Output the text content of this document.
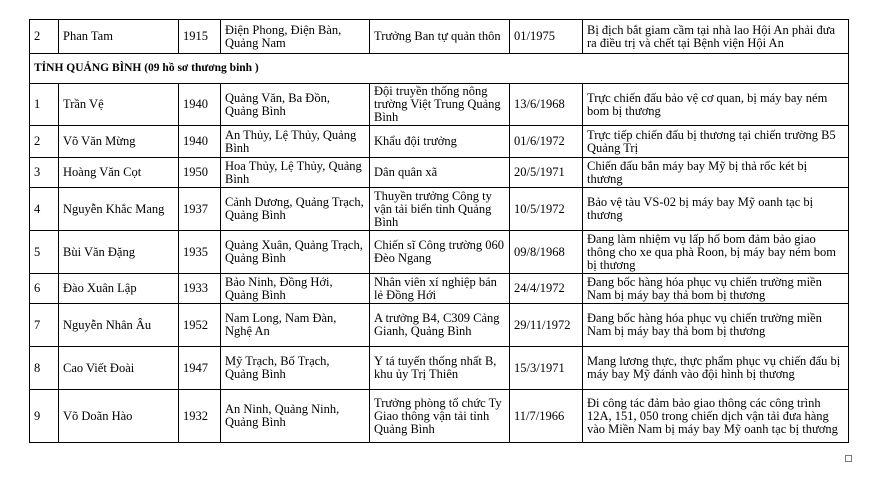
2	Phan Tam	1915	Điện Phong, Điện Bàn, Quảng Nam	Trưởng Ban tự quản thôn	01/1975	Bị địch bắt giam cầm tại nhà lao Hội An phải đưa ra điều trị và chết tại Bệnh viện Hội An
TỈNH QUẢNG BÌNH (09 hồ sơ thương binh )						
1	Trần Vệ	1940	Quảng Văn, Ba Đồn, Quảng Bình	Đội truyền thống nông trường Việt Trung Quảng Bình	13/6/1968	Trực chiến đấu bảo vệ cơ quan, bị máy bay ném bom bị thương
2	Võ Văn Mừng	1940	An Thủy, Lệ Thủy, Quảng Bình	Khẩu đội trưởng	01/6/1972	Trực tiếp chiến đấu bị thương tại chiến trường B5 Quảng Trị
3	Hoàng Văn Cọt	1950	Hoa Thủy, Lệ Thủy, Quảng Bình	Dân quân xã	20/5/1971	Chiến đấu bắn máy bay Mỹ bị thả rốc két bị thương
4	Nguyễn Khắc Mang	1937	Cảnh Dương, Quảng Trạch, Quảng Bình	Thuyền trưởng Công ty vận tải biển tỉnh Quảng Bình	10/5/1972	Bảo vệ tàu VS-02 bị máy bay Mỹ oanh tạc bị thương
5	Bùi Văn Đặng	1935	Quảng Xuân, Quảng Trạch, Quảng Bình	Chiến sĩ Công trường 060 Đèo Ngang	09/8/1968	Đang làm nhiệm vụ lấp hố bom đảm bảo giao thông cho xe qua phà Roon, bị máy bay ném bom bị thương
6	Đào Xuân Lập	1933	Bảo Ninh, Đồng Hới, Quảng Bình	Nhân viên xí nghiệp bán lẻ Đồng Hới	24/4/1972	Đang bốc hàng hóa phục vụ chiến trường miền Nam bị máy bay thả bom bị thương
7	Nguyễn Nhân Âu	1952	Nam Long, Nam Đàn, Nghệ An	A trưởng B4, C309 Cảng Gianh, Quảng Bình	29/11/1972	Đang bốc hàng hóa phục vụ chiến trường miền Nam bị máy bay thả bom bị thương
8	Cao Viết Đoài	1947	Mỹ Trạch, Bố Trạch, Quảng Bình	Y tá tuyến thống nhất B, khu ủy Trị Thiên	15/3/1971	Mang lương thực, thực phẩm phục vụ chiến đấu bị máy bay Mỹ đánh vào đội hình bị thương
9	Võ Doãn Hào	1932	An Ninh, Quảng Ninh, Quảng Bình	Trưởng phòng tổ chức Ty Giao thông vận tải tỉnh Quảng Bình	11/7/1966	Đi công tác đảm bảo giao thông các công trình 12A, 151, 050 trong chiến dịch vận tải đưa hàng vào Miền Nam bị máy bay Mỹ oanh tạc bị thương
